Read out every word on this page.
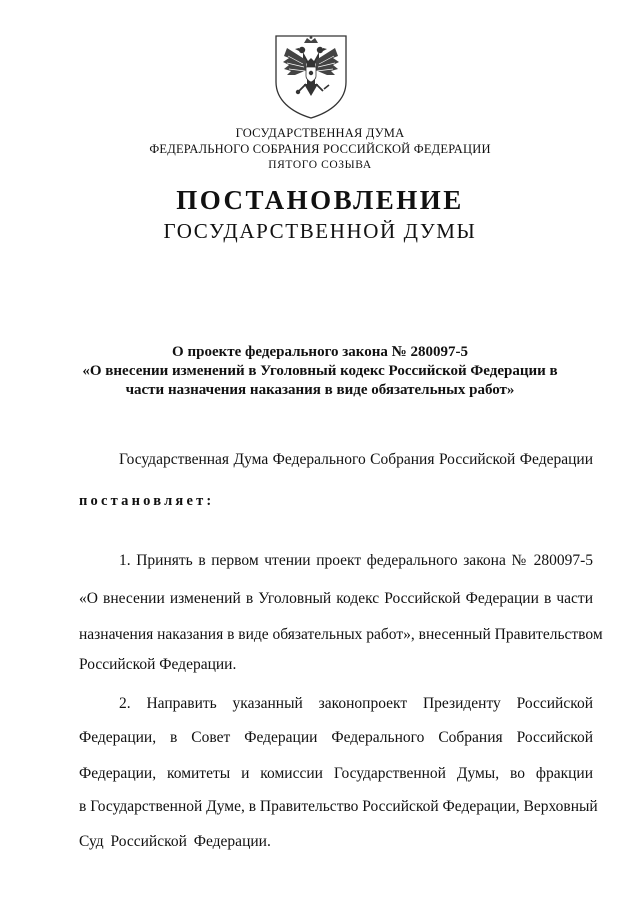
ГОСУДАРСТВЕННАЯ ДУМА
ФЕДЕРАЛЬНОГО СОБРАНИЯ РОССИЙСКОЙ ФЕДЕРАЦИИ
ПЯТОГО СОЗЫВА
ПОСТАНОВЛЕНИЕ
ГОСУДАРСТВЕННОЙ ДУМЫ
О проекте федерального закона № 280097-5
«О внесении изменений в Уголовный кодекс Российской Федерации в
части назначения наказания в виде обязательных работ»
Государственная Дума Федерального Собрания Российской Федерации
постановляет:
1. Принять в первом чтении проект федерального закона № 280097-5
«О внесении изменений в Уголовный кодекс Российской Федерации в части
назначения наказания в виде обязательных работ», внесенный Правительством
Российской Федерации.
2. Направить указанный законопроект Президенту Российской
Федерации, в Совет Федерации Федерального Собрания Российской
Федерации, комитеты и комиссии Государственной Думы, во фракции
в Государственной Думе, в Правительство Российской Федерации, Верховный
Суд Российской Федерации.
